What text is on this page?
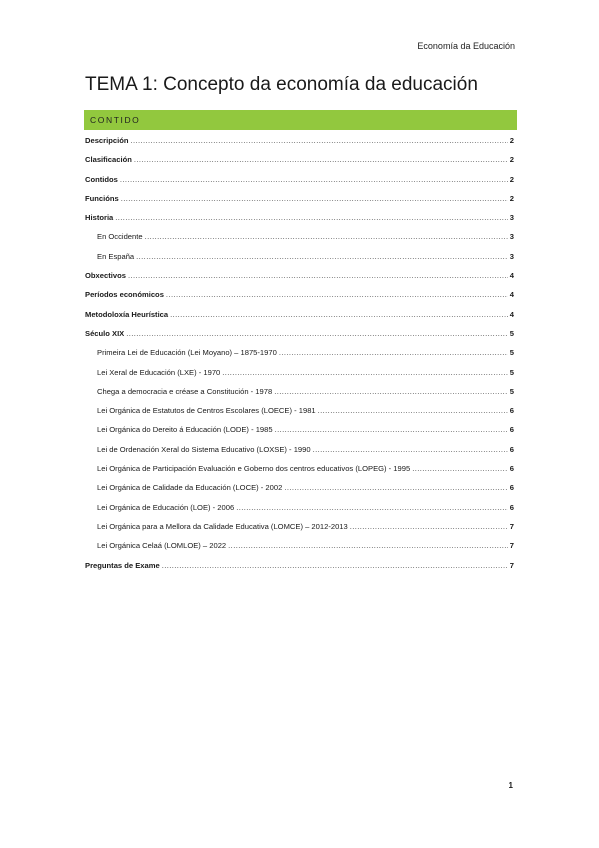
Economía da Educación
TEMA 1: Concepto da economía da educación
CONTIDO
Descripción .....	2
Clasificación .....	2
Contidos .....	2
Funcións .....	2
Historia .....	3
En Occidente .....	3
En España .....	3
Obxectivos .....	4
Períodos económicos .....	4
Metodoloxía Heurística .....	4
Século XIX .....	5
Primeira Lei de Educación (Lei Moyano) – 1875-1970 .....	5
Lei Xeral de Educación (LXE) - 1970 .....	5
Chega a democracia e créase a Constitución - 1978 .....	5
Lei Orgánica de Estatutos de Centros Escolares (LOECE) - 1981 .....	6
Lei Orgánica do Dereito á Educación (LODE) - 1985 .....	6
Lei de Ordenación Xeral do Sistema Educativo (LOXSE) - 1990 .....	6
Lei Orgánica de Participación Evaluación e Goberno dos centros educativos (LOPEG) - 1995 .....	6
Lei Orgánica de Calidade da Educación (LOCE) - 2002 .....	6
Lei Orgánica de Educación (LOE) - 2006 .....	6
Lei Orgánica para a Mellora da Calidade Educativa (LOMCE) – 2012-2013 .....	7
Lei Orgánica Celaá (LOMLOE) – 2022 .....	7
Preguntas de Exame .....	7
1
